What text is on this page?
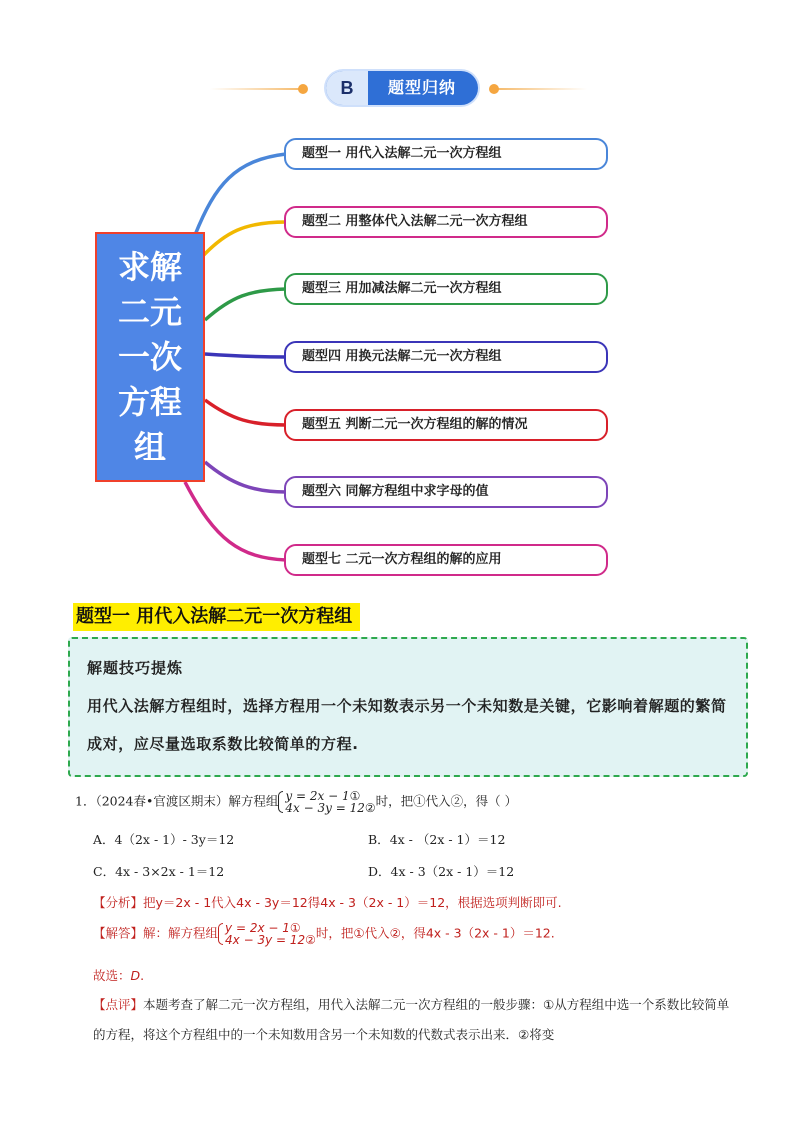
B	题型归纳
求解二元一次方程组
题型一 用代入法解二元一次方程组
题型二 用整体代入法解二元一次方程组
题型三 用加减法解二元一次方程组
题型四 用换元法解二元一次方程组
题型五 判断二元一次方程组的解的情况
题型六 同解方程组中求字母的值
题型七 二元一次方程组的解的应用
题型一 用代入法解二元一次方程组
解题技巧提炼
用代入法解方程组时，选择方程用一个未知数表示另一个未知数是关键，它影响着解题的繁简成对，应尽量选取系数比较简单的方程.
1．（2024春•官渡区期末）解方程组 y = 2x − 1①
4x − 3y = 12② 时，把①代入②，得（ ）
A．4（2x - 1）- 3y＝12	B．4x - （2x - 1）＝12
C．4x - 3×2x - 1＝12	D．4x - 3（2x - 1）＝12
【分析】把y＝2x - 1代入4x - 3y＝12得4x - 3（2x - 1）＝12，根据选项判断即可.
【解答】解：解方程组 y = 2x − 1①
4x − 3y = 12② 时，把①代入②，得4x - 3（2x - 1）＝12.
故选：D.
【点评】本题考查了解二元一次方程组，用代入法解二元一次方程组的一般步骤：①从方程组中选一个系数比较简单的方程，将这个方程组中的一个未知数用含另一个未知数的代数式表示出来．②将变
